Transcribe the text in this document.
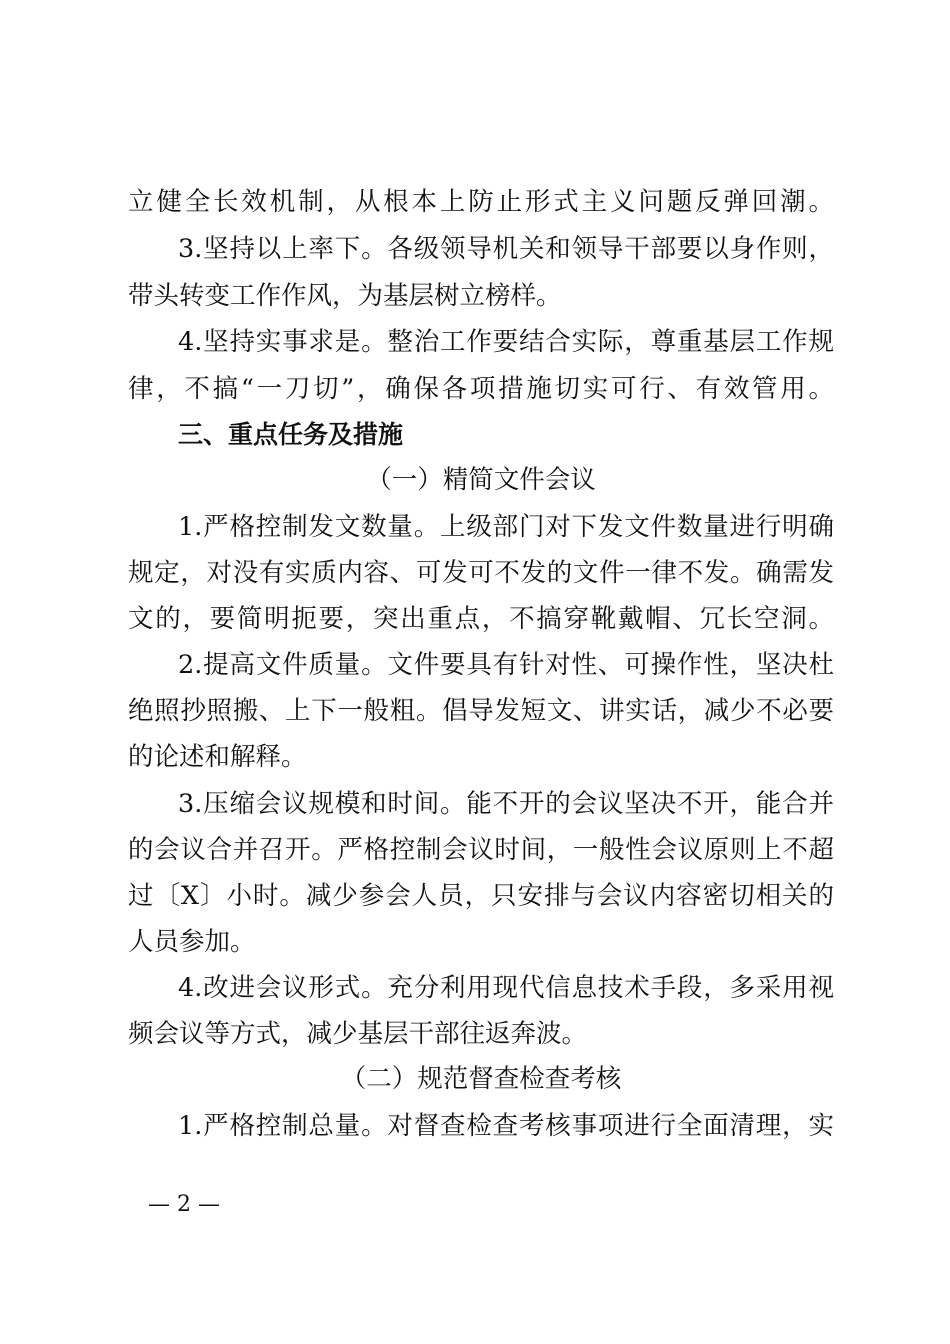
立健全长效机制，从根本上防止形式主义问题反弹回潮。
3.坚持以上率下。各级领导机关和领导干部要以身作则，
带头转变工作作风，为基层树立榜样。
4.坚持实事求是。整治工作要结合实际，尊重基层工作规
律，不搞“一刀切”，确保各项措施切实可行、有效管用。
三、重点任务及措施
（一）精简文件会议
1.严格控制发文数量。上级部门对下发文件数量进行明确
规定，对没有实质内容、可发可不发的文件一律不发。确需发
文的，要简明扼要，突出重点，不搞穿靴戴帽、冗长空洞。
2.提高文件质量。文件要具有针对性、可操作性，坚决杜
绝照抄照搬、上下一般粗。倡导发短文、讲实话，减少不必要
的论述和解释。
3.压缩会议规模和时间。能不开的会议坚决不开，能合并
的会议合并召开。严格控制会议时间，一般性会议原则上不超
过〔X〕小时。减少参会人员，只安排与会议内容密切相关的
人员参加。
4.改进会议形式。充分利用现代信息技术手段，多采用视
频会议等方式，减少基层干部往返奔波。
（二）规范督查检查考核
1.严格控制总量。对督查检查考核事项进行全面清理，实
— 2 —
